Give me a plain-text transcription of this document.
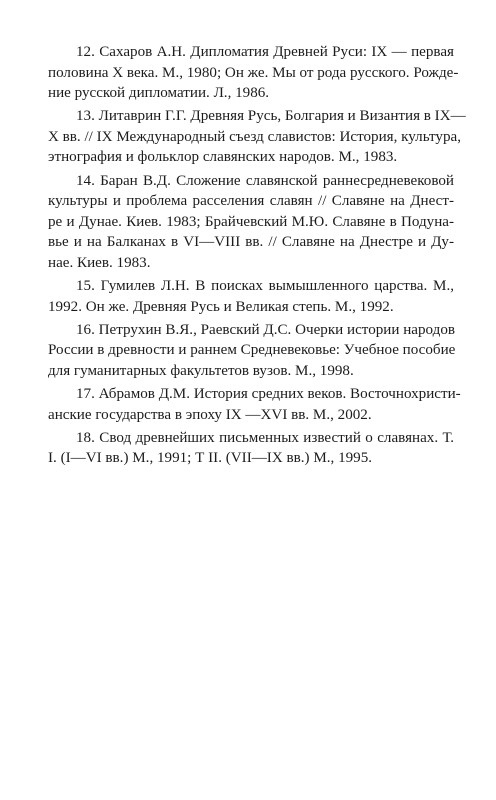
12. Сахаров А.Н. Дипломатия Древней Руси: IX — первая
половина X века. М., 1980; Он же. Мы от рода русского. Рожде-
ние русской дипломатии. Л., 1986.
13. Литаврин Г.Г. Древняя Русь, Болгария и Византия в IX—
X вв. // IX Международный съезд славистов: История, культура,
этнография и фольклор славянских народов. М., 1983.
14. Баран В.Д. Сложение славянской раннесредневековой
культуры и проблема расселения славян // Славяне на Днест-
ре и Дунае. Киев. 1983; Брайчевский М.Ю. Славяне в Подуна-
вье и на Балканах в VI—VIII вв. // Славяне на Днестре и Ду-
нае. Киев. 1983.
15. Гумилев Л.Н. В поисках вымышленного царства. М.,
1992. Он же. Древняя Русь и Великая степь. М., 1992.
16. Петрухин В.Я., Раевский Д.С. Очерки истории народов
России в древности и раннем Средневековье: Учебное пособие
для гуманитарных факультетов вузов. М., 1998.
17. Абрамов Д.М. История средних веков. Восточнохристи-
анские государства в эпоху IX —XVI вв. М., 2002.
18. Свод древнейших письменных известий о славянах. Т.
I. (I—VI вв.) М., 1991; Т II. (VII—IX вв.) М., 1995.
